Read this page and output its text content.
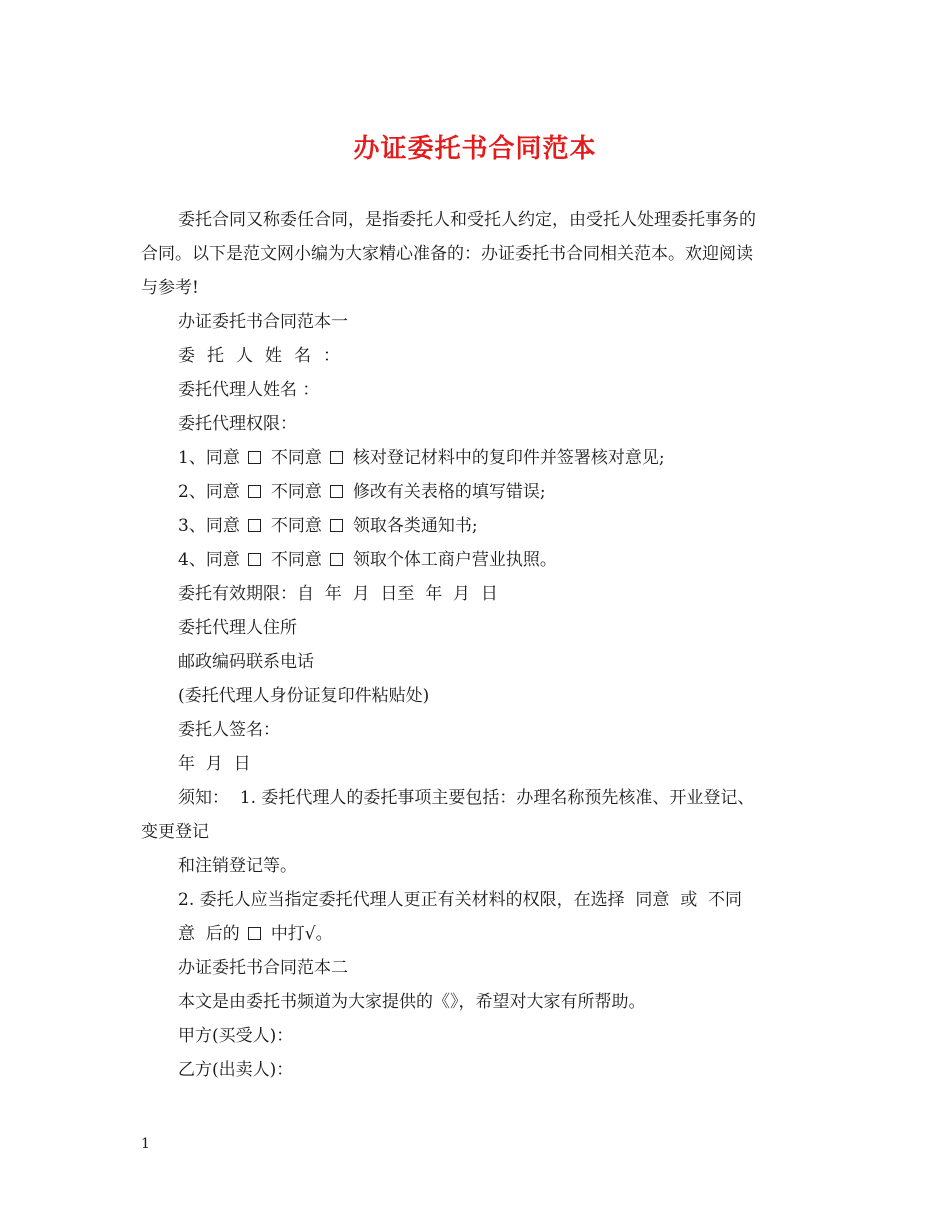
办证委托书合同范本
委托合同又称委任合同，是指委托人和受托人约定，由受托人处理委托事务的
合同。以下是范文网小编为大家精心准备的：办证委托书合同相关范本。欢迎阅读
与参考!
办证委托书合同范本一
委托人姓名：
委托代理人姓名 ：
委托代理权限：
1、同意 不同意 核对登记材料中的复印件并签署核对意见;
2、同意 不同意 修改有关表格的填写错误;
3、同意 不同意 领取各类通知书;
4、同意 不同意 领取个体工商户营业执照。
委托有效期限：自  年  月  日至  年  月  日
委托代理人住所
邮政编码联系电话
(委托代理人身份证复印件粘贴处)
委托人签名：
年  月  日
须知：  1. 委托代理人的委托事项主要包括：办理名称预先核准、开业登记、
变更登记
和注销登记等。
2. 委托人应当指定委托代理人更正有关材料的权限，在选择  同意  或  不同
意  后的 中打√。
办证委托书合同范本二
本文是由委托书频道为大家提供的《》，希望对大家有所帮助。
甲方(买受人)：
乙方(出卖人)：
1
